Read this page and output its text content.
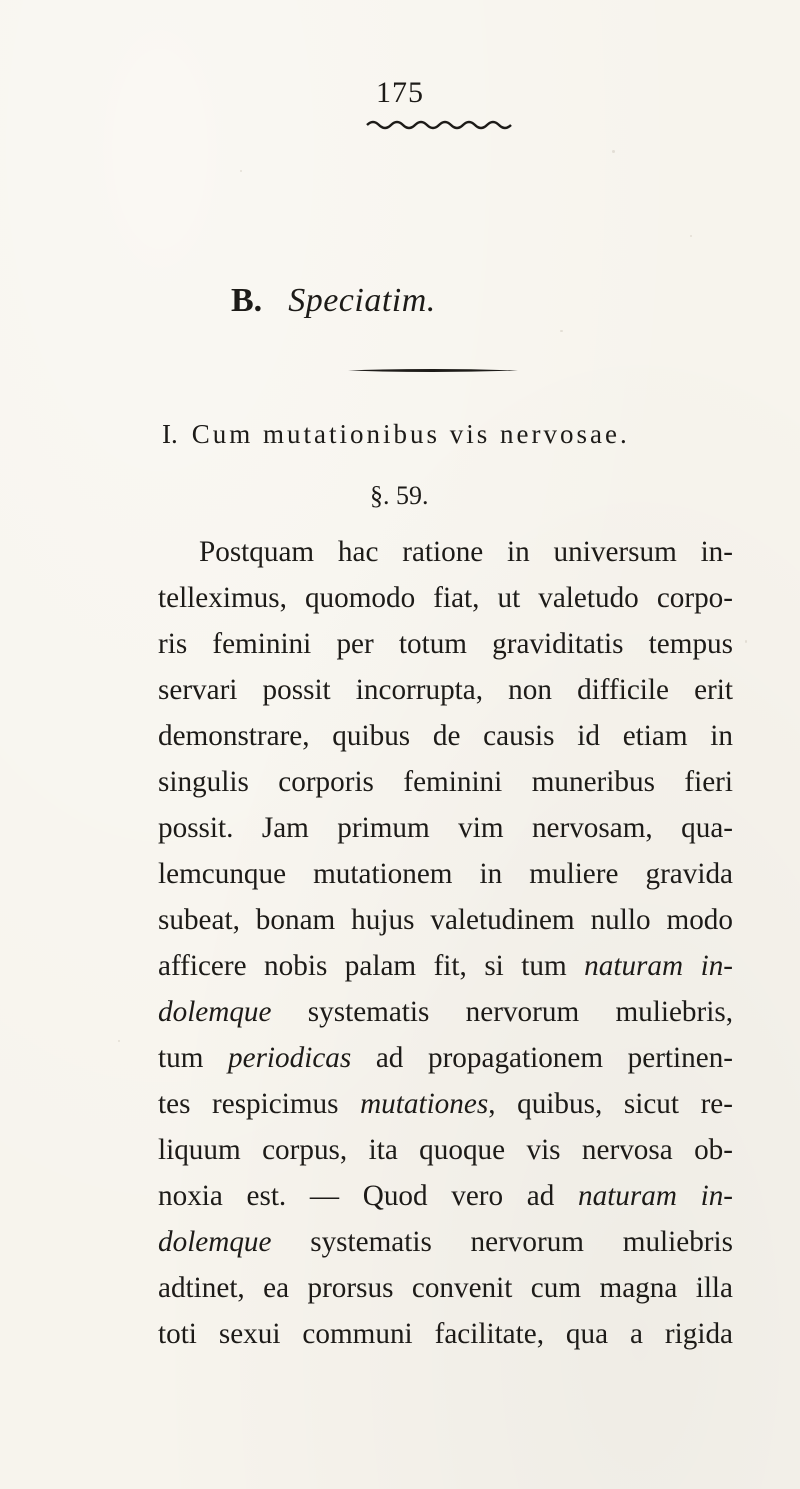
175
B. Speciatim.
I. Cum mutationibus vis nervosae.
§. 59.
Postquam hac ratione in universum in-
telleximus, quomodo fiat, ut valetudo corpo-
ris feminini per totum graviditatis tempus
servari possit incorrupta, non difficile erit
demonstrare, quibus de causis id etiam in
singulis corporis feminini muneribus fieri
possit. Jam primum vim nervosam, qua-
lemcunque mutationem in muliere gravida
subeat, bonam hujus valetudinem nullo modo
afficere nobis palam fit, si tum naturam in-
dolemque systematis nervorum muliebris,
tum periodicas ad propagationem pertinen-
tes respicimus mutationes, quibus, sicut re-
liquum corpus, ita quoque vis nervosa ob-
noxia est. — Quod vero ad naturam in-
dolemque systematis nervorum muliebris
adtinet, ea prorsus convenit cum magna illa
toti sexui communi facilitate, qua a rigida
